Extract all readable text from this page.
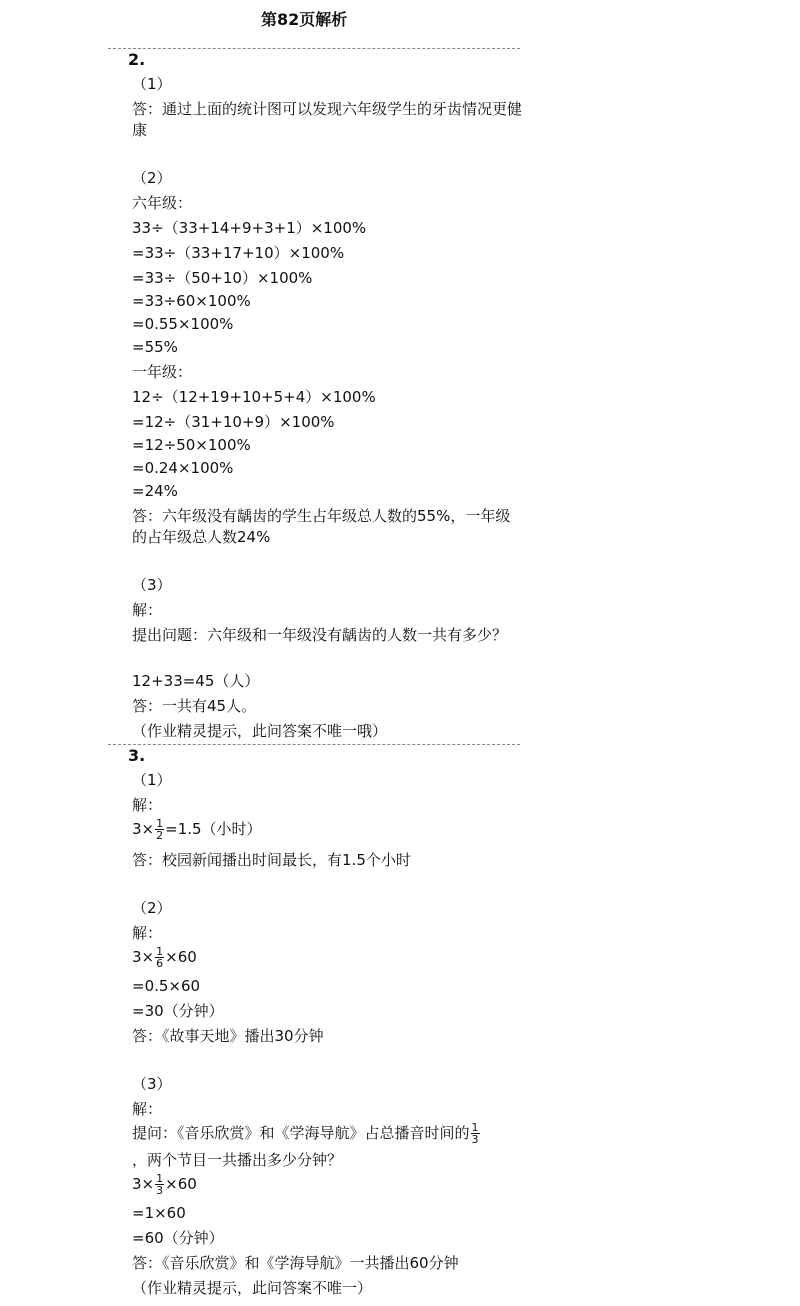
第82页解析
2.
（1）
答：通过上面的统计图可以发现六年级学生的牙齿情况更健康
（2）
六年级：
33÷（33+14+9+3+1）×100%
=33÷（33+17+10）×100%
=33÷（50+10）×100%
=33÷60×100%
=0.55×100%
=55%
一年级：
12÷（12+19+10+5+4）×100%
=12÷（31+10+9）×100%
=12÷50×100%
=0.24×100%
=24%
答：六年级没有龋齿的学生占年级总人数的55%，一年级的占年级总人数24%
（3）
解：
提出问题：六年级和一年级没有龋齿的人数一共有多少？
12+33=45（人）
答：一共有45人。
（作业精灵提示，此问答案不唯一哦）
3.
（1）
解：
$3\times \frac{1}{2} =1.5$（小时）
答：校园新闻播出时间最长，有1.5个小时
（2）
解：
$3\times \frac{1}{6} \times 60$
=0.5×60
=30（分钟）
答：《故事天地》播出30分钟
（3）
解：
提问：《音乐欣赏》和《学海导航》占总播音时间的 $\frac{1}{3}$
，两个节目一共播出多少分钟？
$3\times \frac{1}{3} \times 60$
=1×60
=60（分钟）
答：《音乐欣赏》和《学海导航》一共播出60分钟
（作业精灵提示，此问答案不唯一）
